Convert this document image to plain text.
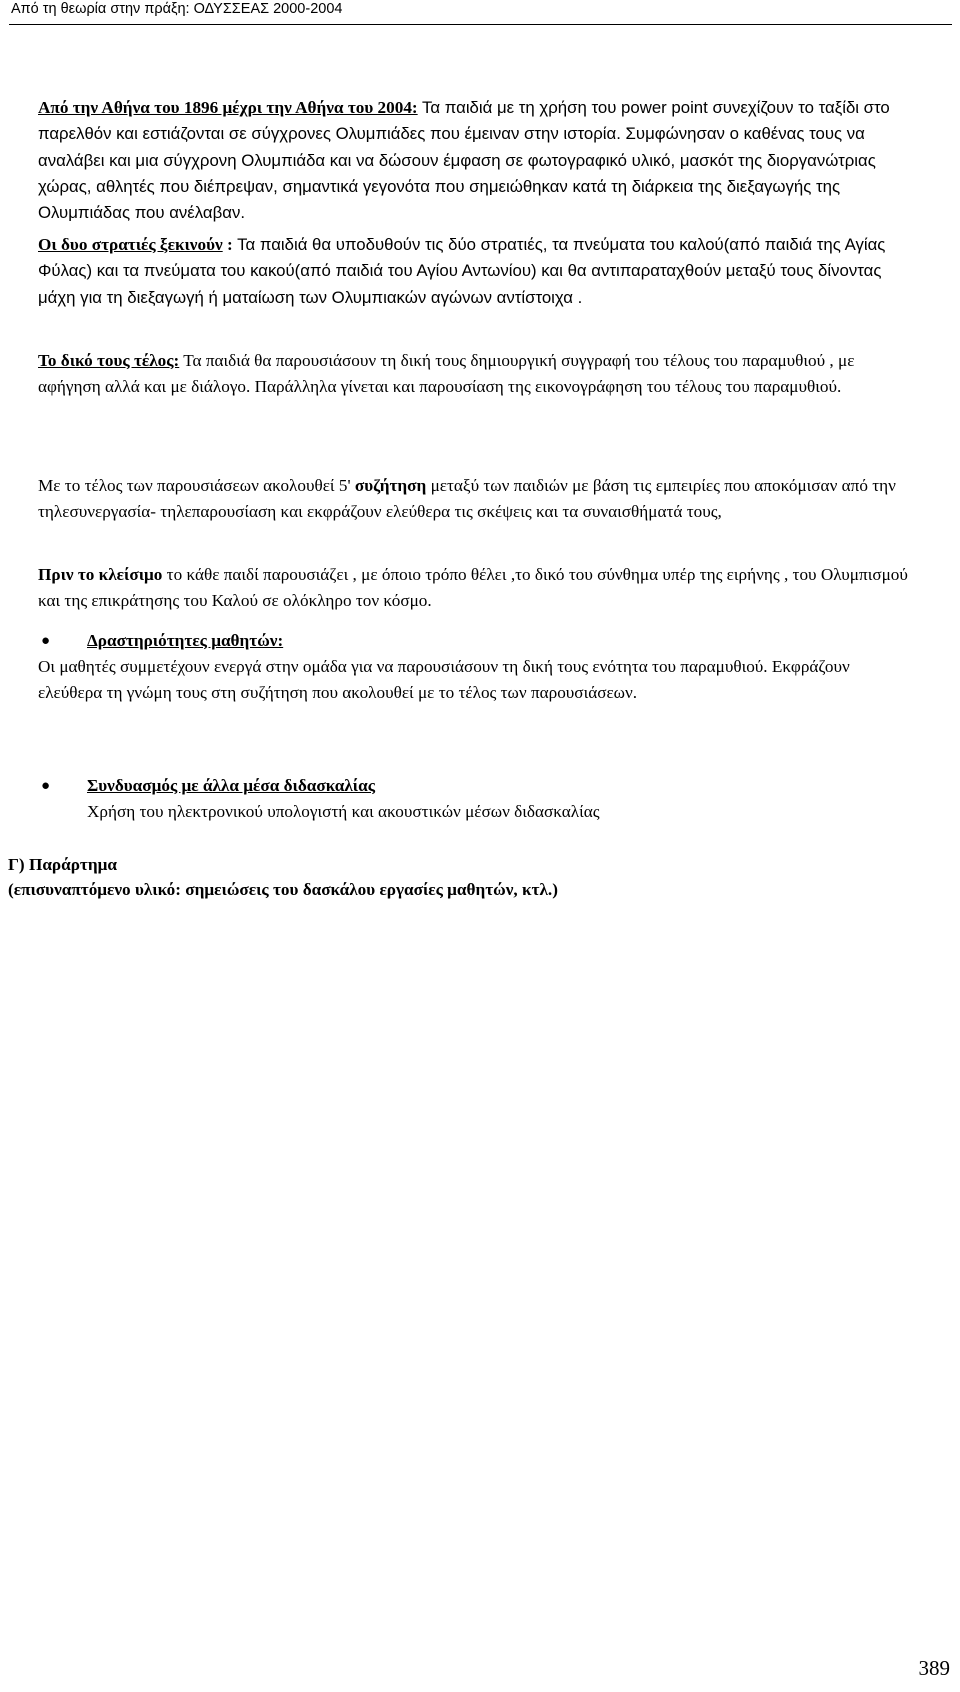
Από τη θεωρία στην πράξη: ΟΔΥΣΣΕΑΣ 2000-2004
Από την Αθήνα του 1896 μέχρι την Αθήνα του 2004: Τα παιδιά με τη χρήση του power point συνεχίζουν το ταξίδι στο παρελθόν και εστιάζονται σε σύγχρονες Ολυμπιάδες που έμειναν στην ιστορία. Συμφώνησαν ο καθένας τους να αναλάβει και μια σύγχρονη Ολυμπιάδα και να δώσουν έμφαση σε φωτογραφικό υλικό, μασκότ της διοργανώτριας χώρας, αθλητές που διέπρεψαν, σημαντικά γεγονότα που σημειώθηκαν κατά τη διάρκεια της διεξαγωγής της Ολυμπιάδας που ανέλαβαν.
Οι δυο στρατιές ξεκινούν : Τα παιδιά θα υποδυθούν τις δύο στρατιές, τα πνεύματα του καλού(από παιδιά της Αγίας Φύλας) και τα πνεύματα του κακού(από παιδιά του Αγίου Αντωνίου) και θα αντιπαραταχθούν μεταξύ τους δίνοντας μάχη για τη διεξαγωγή ή ματαίωση των Ολυμπιακών αγώνων αντίστοιχα .
Το δικό τους τέλος: Τα παιδιά θα παρουσιάσουν τη δική τους δημιουργική συγγραφή του τέλους του παραμυθιού , με αφήγηση αλλά και με διάλογο. Παράλληλα γίνεται και παρουσίαση της εικονογράφηση του τέλους του παραμυθιού.
Με το τέλος των παρουσιάσεων ακολουθεί 5' συζήτηση μεταξύ των παιδιών με βάση τις εμπειρίες που αποκόμισαν από την τηλεσυνεργασία- τηλεπαρουσίαση και εκφράζουν ελεύθερα τις σκέψεις και τα συναισθήματά τους,
Πριν το κλείσιμο το κάθε παιδί παρουσιάζει , με όποιο τρόπο θέλει ,το δικό του σύνθημα υπέρ της ειρήνης , του Ολυμπισμού και της επικράτησης του Καλού σε ολόκληρο τον κόσμο.
● Δραστηριότητες μαθητών:
Οι μαθητές συμμετέχουν ενεργά στην ομάδα για να παρουσιάσουν τη δική τους ενότητα του παραμυθιού. Εκφράζουν ελεύθερα τη γνώμη τους στη συζήτηση που ακολουθεί με το τέλος των παρουσιάσεων.
● Συνδυασμός με άλλα μέσα διδασκαλίας
Χρήση του ηλεκτρονικού υπολογιστή και ακουστικών μέσων διδασκαλίας
Γ) Παράρτημα
(επισυναπτόμενο υλικό: σημειώσεις του δασκάλου εργασίες μαθητών, κτλ.)
389
